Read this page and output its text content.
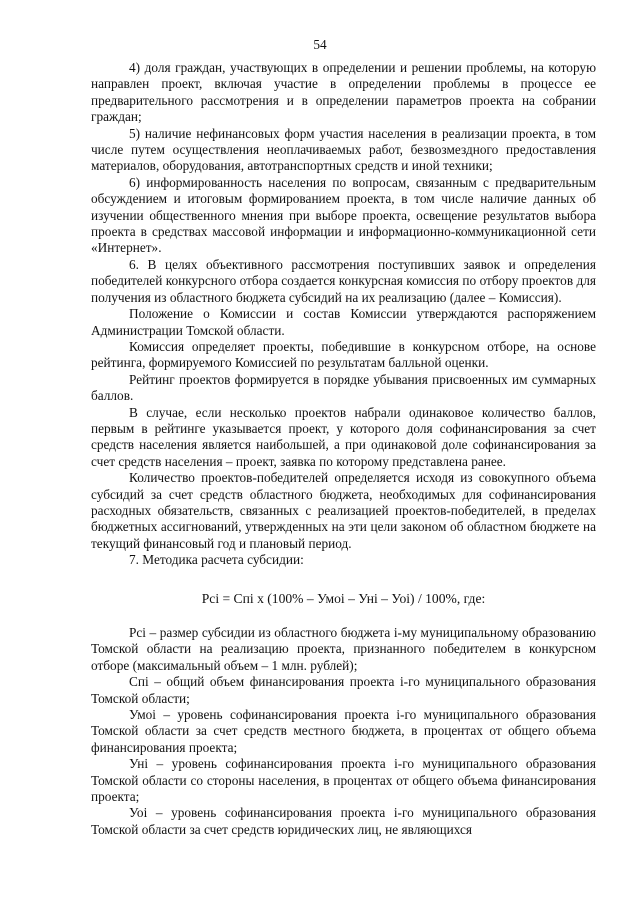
54

4) доля граждан, участвующих в определении и решении проблемы, на которую направлен проект, включая участие в определении проблемы в процессе ее предварительного рассмотрения и в определении параметров проекта на собрании граждан;

5) наличие нефинансовых форм участия населения в реализации проекта, в том числе путем осуществления неоплачиваемых работ, безвозмездного предоставления материалов, оборудования, автотранспортных средств и иной техники;

6) информированность населения по вопросам, связанным с предварительным обсуждением и итоговым формированием проекта, в том числе наличие данных об изучении общественного мнения при выборе проекта, освещение результатов выбора проекта в средствах массовой информации и информационно-коммуникационной сети «Интернет».

6. В целях объективного рассмотрения поступивших заявок и определения победителей конкурсного отбора создается конкурсная комиссия по отбору проектов для получения из областного бюджета субсидий на их реализацию (далее – Комиссия).

Положение о Комиссии и состав Комиссии утверждаются распоряжением Администрации Томской области.

Комиссия определяет проекты, победившие в конкурсном отборе, на основе рейтинга, формируемого Комиссией по результатам балльной оценки.

Рейтинг проектов формируется в порядке убывания присвоенных им суммарных баллов.

В случае, если несколько проектов набрали одинаковое количество баллов, первым в рейтинге указывается проект, у которого доля софинансирования за счет средств населения является наибольшей, а при одинаковой доле софинансирования за счет средств населения – проект, заявка по которому представлена ранее.

Количество проектов-победителей определяется исходя из совокупного объема субсидий за счет средств областного бюджета, необходимых для софинансирования расходных обязательств, связанных с реализацией проектов-победителей, в пределах бюджетных ассигнований, утвержденных на эти цели законом об областном бюджете на текущий финансовый год и плановый период.

7. Методика расчета субсидии:

Pci = Cпi x (100% – Умоi – Унi – Уоi) / 100%, где:

Pci – размер субсидии из областного бюджета i-му муниципальному образованию Томской области на реализацию проекта, признанного победителем в конкурсном отборе (максимальный объем – 1 млн. рублей);

Cпi – общий объем финансирования проекта i-го муниципального образования Томской области;

Умоi – уровень софинансирования проекта i-го муниципального образования Томской области за счет средств местного бюджета, в процентах от общего объема финансирования проекта;

Унi – уровень софинансирования проекта i-го муниципального образования Томской области со стороны населения, в процентах от общего объема финансирования проекта;

Уоi – уровень софинансирования проекта i-го муниципального образования Томской области за счет средств юридических лиц, не являющихся
